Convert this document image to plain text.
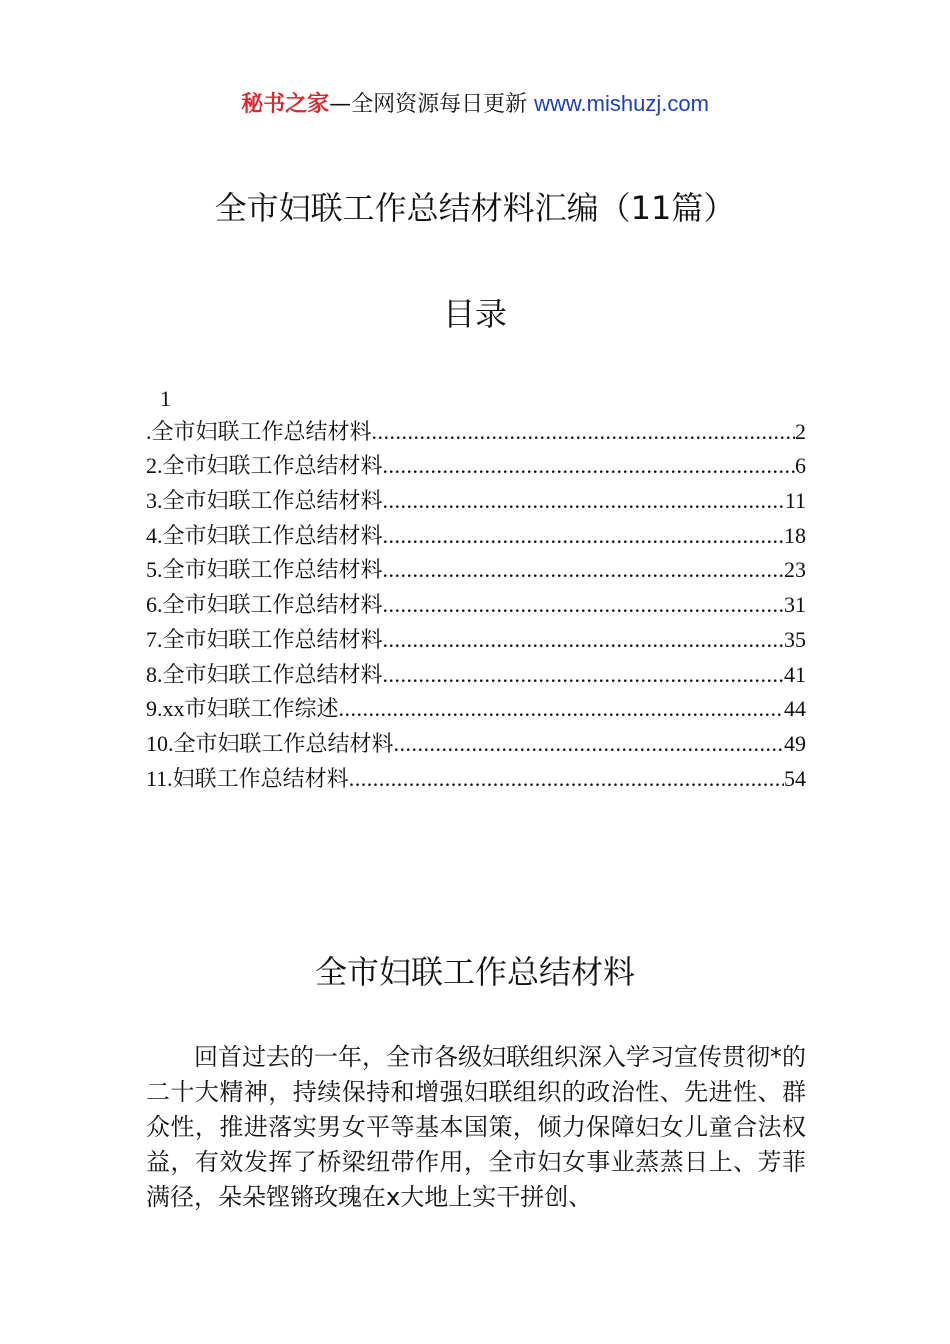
秘书之家—全网资源每日更新 www.mishuzj.com
全市妇联工作总结材料汇编（11篇）
目录
1
.全市妇联工作总结材料 .....	2
2.全市妇联工作总结材料 .....	6
3.全市妇联工作总结材料 .....	11
4.全市妇联工作总结材料 .....	18
5.全市妇联工作总结材料 .....	23
6.全市妇联工作总结材料 .....	31
7.全市妇联工作总结材料 .....	35
8.全市妇联工作总结材料 .....	41
9.xx市妇联工作综述 .....	44
10.全市妇联工作总结材料 .....	49
11.妇联工作总结材料 .....	54
全市妇联工作总结材料
回首过去的一年，全市各级妇联组织深入学习宣传贯彻*的二十大精神，持续保持和增强妇联组织的政治性、先进性、群众性，推进落实男女平等基本国策，倾力保障妇女儿童合法权益，有效发挥了桥梁纽带作用，全市妇女事业蒸蒸日上、芳菲满径，朵朵铿锵玫瑰在x大地上实干拼创、
